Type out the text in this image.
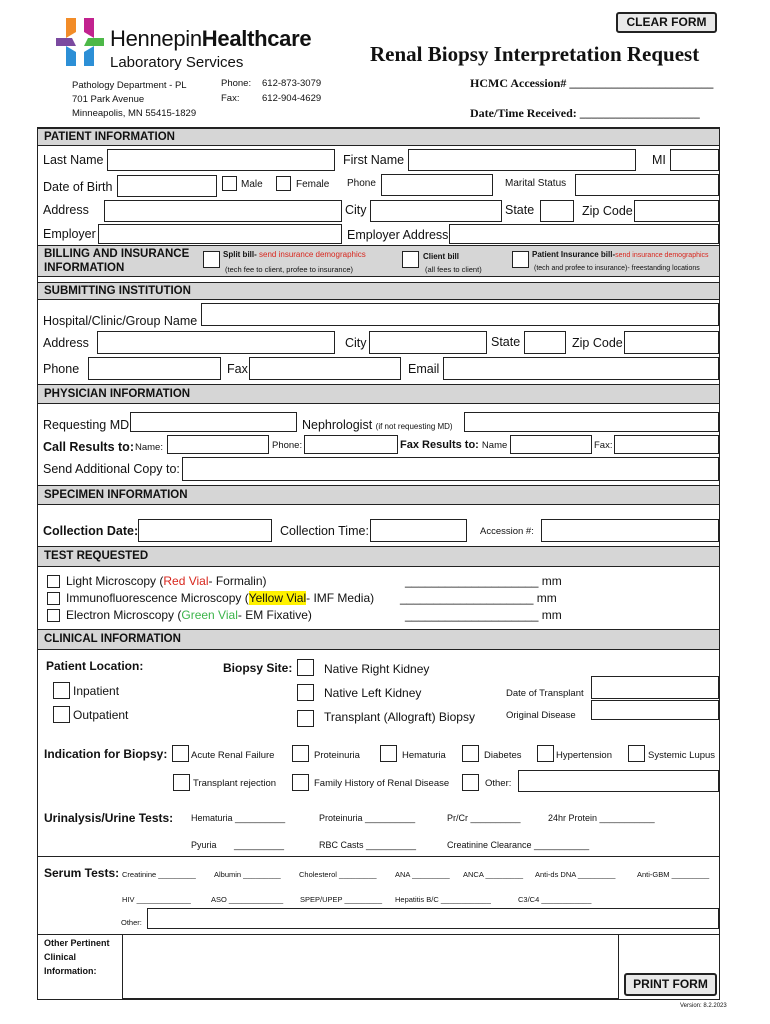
CLEAR FORM
HennepinHealthcare
Laboratory Services	Renal Biopsy Interpretation Request
Pathology Department - PL
701 Park Avenue
Minneapolis, MN 55415-1829
Phone: 612-873-3079
Fax: 612-904-4629
HCMC Accession# ________________________
Date/Time Received: ____________________
PATIENT INFORMATION
Last Name	First Name	MI
Date of Birth	Male	Female Phone	Marital Status
Address	City	State	Zip Code
Employer	Employer Address
BILLING AND INSURANCE
INFORMATION
Split bill- send insurance demographics
(tech fee to client, profee to insurance)
Client bill
(all fees to client)
Patient Insurance bill-send insurance demographics
(tech and profee to insurance)- freestanding locations
SUBMITTING INSTITUTION
Hospital/Clinic/Group Name
Address	City	State	Zip Code
Phone	Fax	Email
PHYSICIAN INFORMATION
Requesting MD	Nephrologist (if not requesting MD)
Call Results to: Name:	Phone:	Fax Results to: Name	Fax:
Send Additional Copy to:
SPECIMEN INFORMATION
Collection Date:	Collection Time:	Accession #:
TEST REQUESTED
Light Microscopy (Red Vial- Formalin)	____________________ mm
Immunofluorescence Microscopy (Yellow Vial- IMF Media) ____________________ mm
Electron Microscopy (Green Vial- EM Fixative)	____________________ mm
CLINICAL INFORMATION
Patient Location:
Inpatient
Outpatient
Biopsy Site:	Native Right Kidney
Native Left Kidney
Transplant (Allograft) Biopsy
Date of Transplant
Original Disease
Indication for Biopsy: Acute Renal Failure	Proteinuria	Hematuria	Diabetes	Hypertension	Systemic Lupus
Transplant rejection	Family History of Renal Disease	Other:
Urinalysis/Urine Tests: Hematuria __________	Proteinuria __________	Pr/Cr __________	24hr Protein ___________
Pyuria       __________	RBC Casts __________	Creatinine Clearance ___________
Serum Tests: Creatinine _________ Albumin _________ Cholesterol _________ ANA _________ ANCA _________ Anti-ds DNA _________	Anti-GBM _________
HIV _____________	ASO _____________ SPEP/UPEP _________ Hepatitis B/C ____________	C3/C4 ____________
Other:
Other Pertinent Clinical Information:
PRINT FORM
Version: 8.2.2023
